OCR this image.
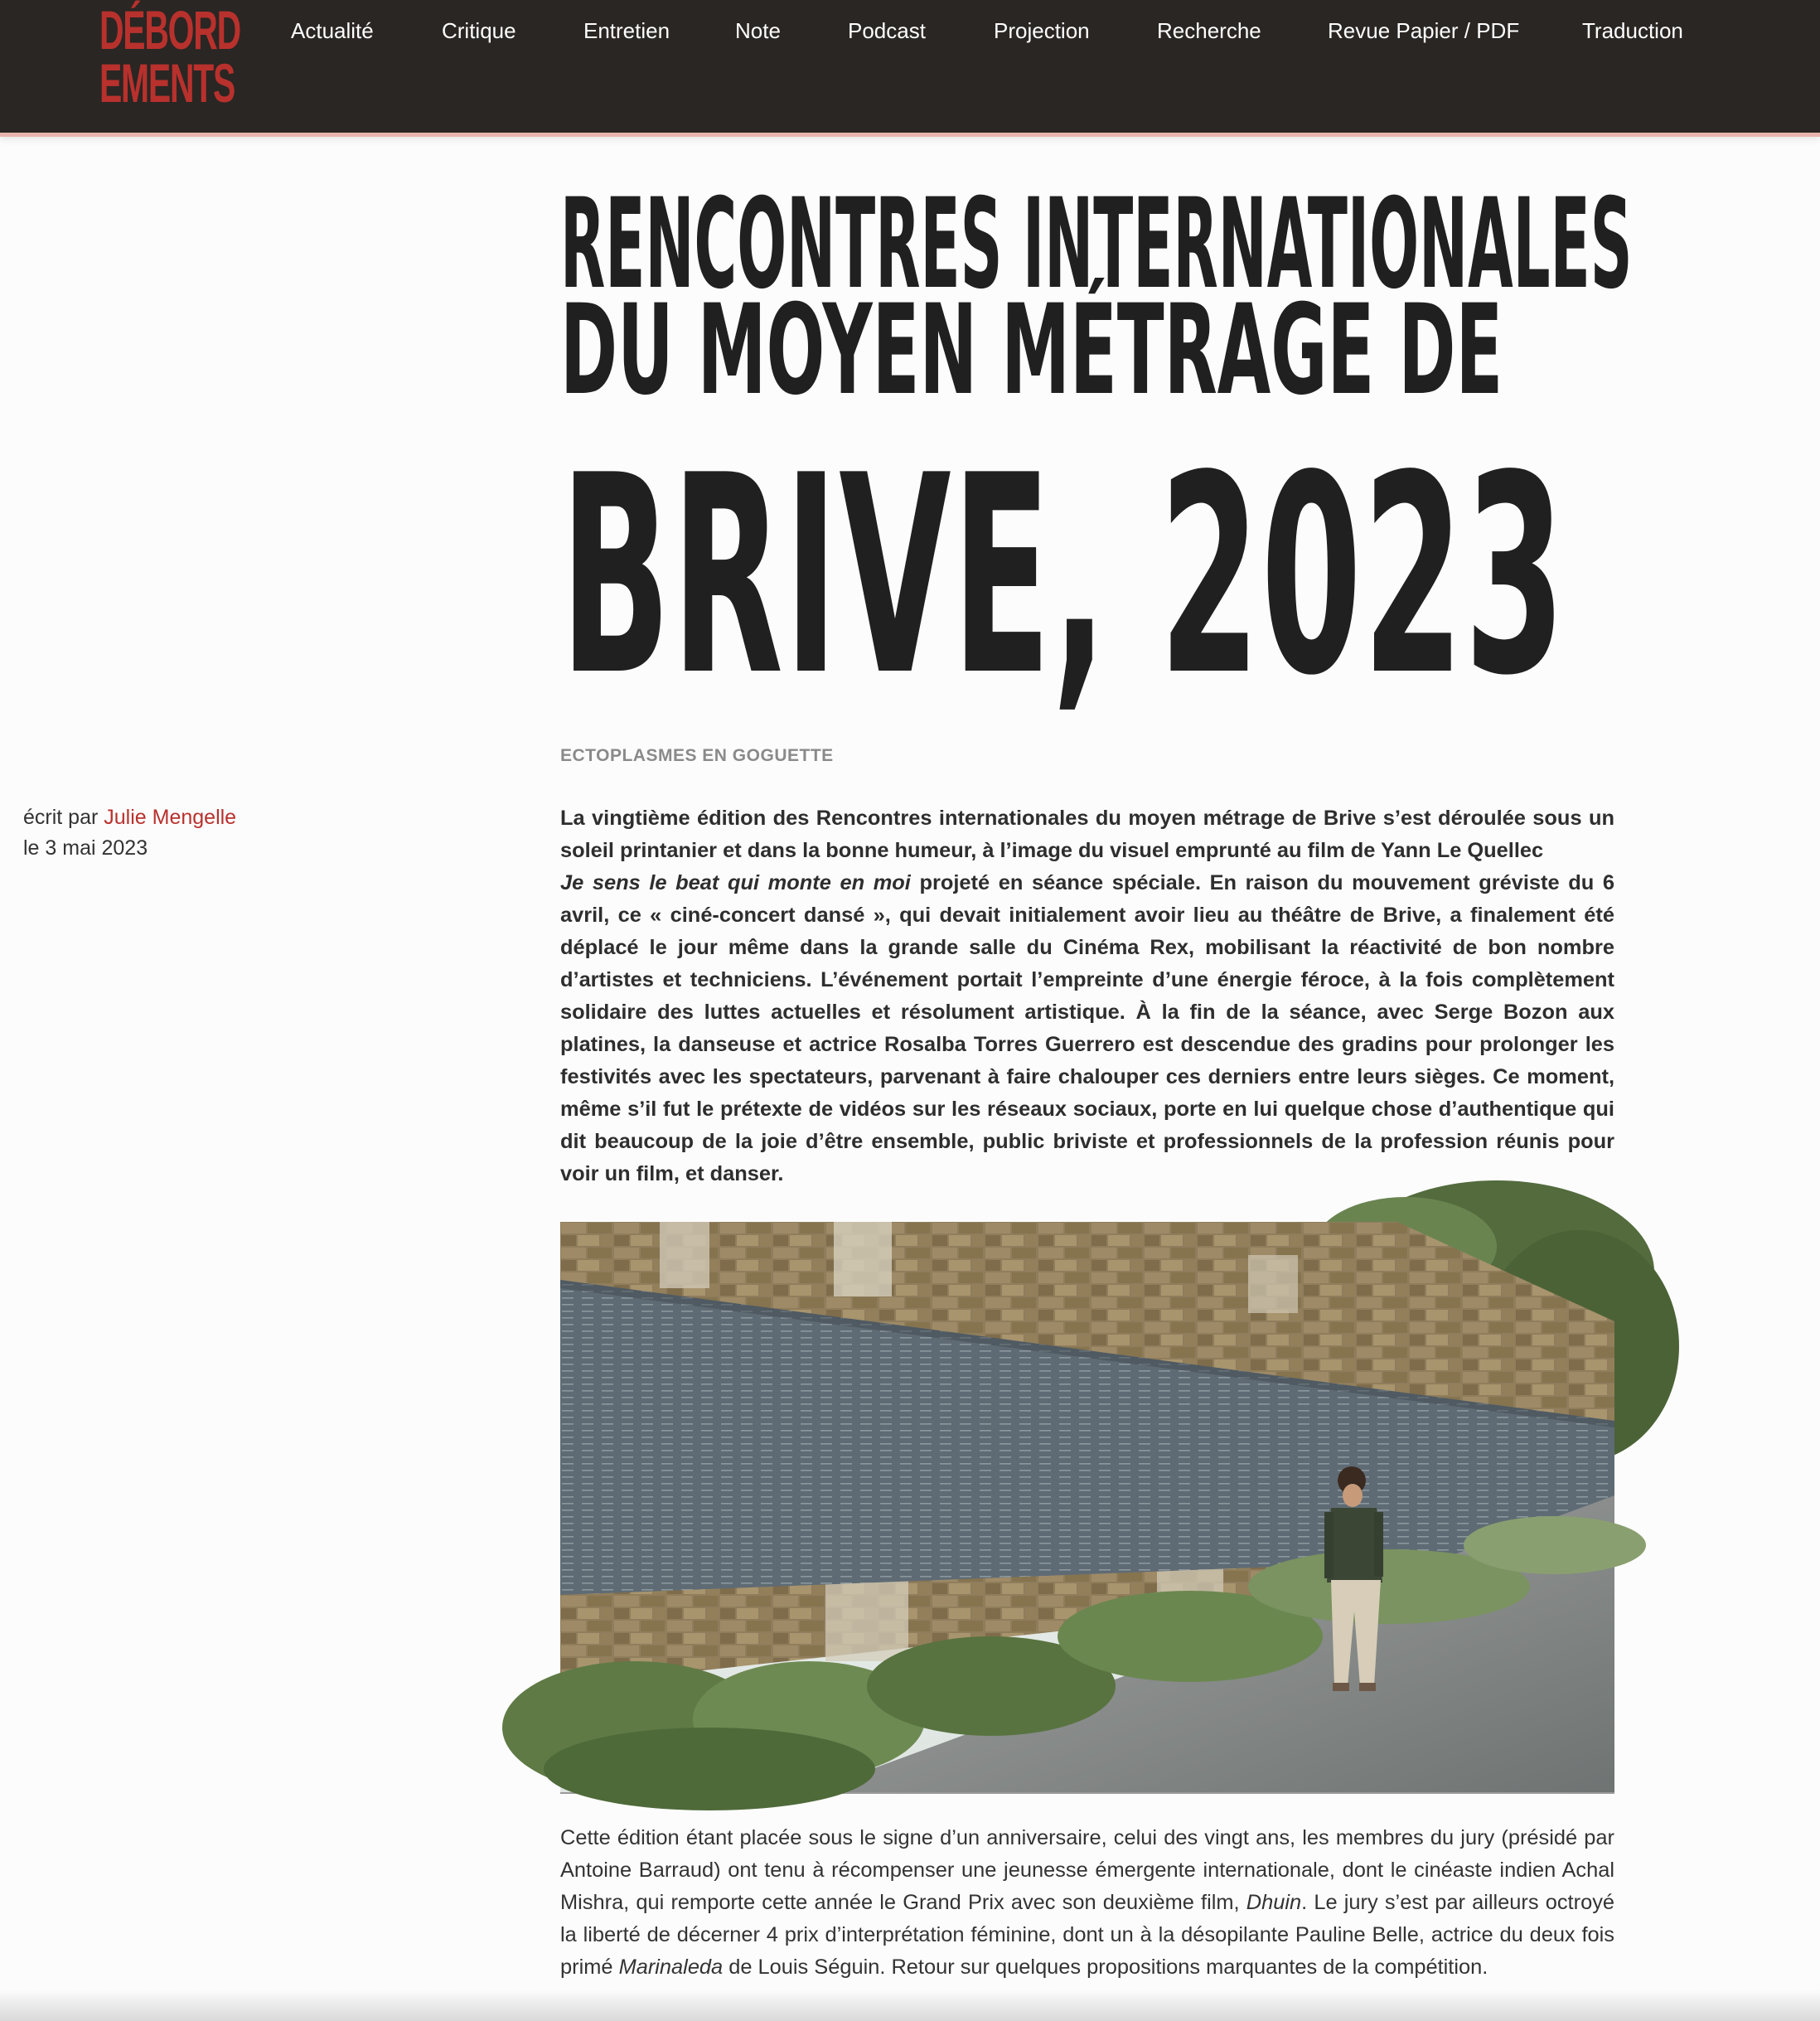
DÉBORD
EMENTS
Actualité	Critique	Entretien	Note	Podcast	Projection	Recherche	Revue Papier / PDF	Traduction
RENCONTRES INTERNATIONALES
DU MOYEN MÉTRAGE DE
BRIVE, 2023
ECTOPLASMES EN GOGUETTE
écrit par Julie Mengelle
le 3 mai 2023

La vingtième édition des Rencontres internationales du moyen métrage de Brive s’est déroulée sous un soleil printanier et dans la bonne humeur, à l’image du visuel emprunté au film de Yann Le Quellec
Je sens le beat qui monte en moi projeté en séance spéciale. En raison du mouvement gréviste du 6 avril, ce « ciné-concert dansé », qui devait initialement avoir lieu au théâtre de Brive, a finalement été déplacé le jour même dans la grande salle du Cinéma Rex, mobilisant la réactivité de bon nombre d’artistes et techniciens. L’événement portait l’empreinte d’une énergie féroce, à la fois complètement solidaire des luttes actuelles et résolument artistique. À la fin de la séance, avec Serge Bozon aux platines, la danseuse et actrice Rosalba Torres Guerrero est descendue des gradins pour prolonger les festivités avec les spectateurs, parvenant à faire chalouper ces derniers entre leurs sièges. Ce moment, même s’il fut le prétexte de vidéos sur les réseaux sociaux, porte en lui quelque chose d’authentique qui dit beaucoup de la joie d’être ensemble, public briviste et professionnels de la profession réunis pour voir un film, et danser.

Cette édition étant placée sous le signe d’un anniversaire, celui des vingt ans, les membres du jury (présidé par Antoine Barraud) ont tenu à récompenser une jeunesse émergente internationale, dont le cinéaste indien Achal Mishra, qui remporte cette année le Grand Prix avec son deuxième film, Dhuin. Le jury s’est par ailleurs octroyé la liberté de décerner 4 prix d’interprétation féminine, dont un à la désopilante Pauline Belle, actrice du deux fois primé Marinaleda de Louis Séguin. Retour sur quelques propositions marquantes de la compétition.
